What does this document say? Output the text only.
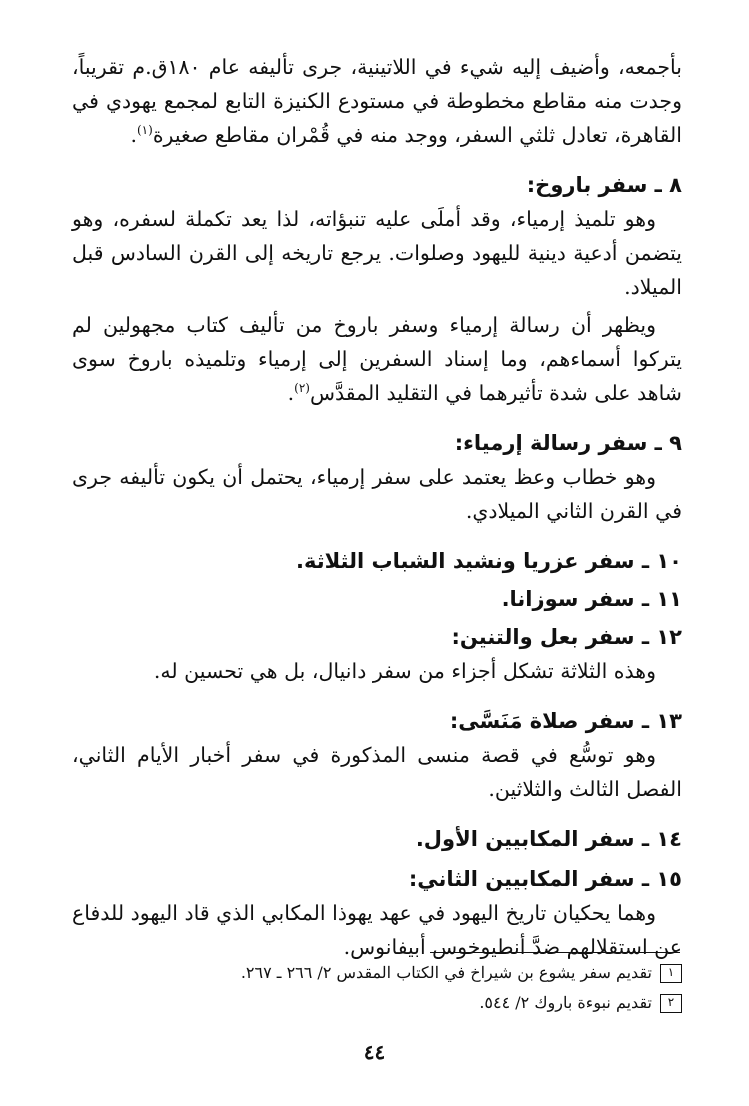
بأجمعه، وأضيف إليه شيء في اللاتينية، جرى تأليفه عام ١٨٠ق.م تقريباً، وجدت منه مقاطع مخطوطة في مستودع الكنيزة التابع لمجمع يهودي في القاهرة، تعادل ثلثي السفر، ووجد منه في قُمْران مقاطع صغيرة$^{(١)}$.

٨ ـ سفر باروخ:

وهو تلميذ إرمياء، وقد أملَى عليه تنبؤاته، لذا يعد تكملة لسفره، وهو يتضمن أدعية دينية لليهود وصلوات. يرجع تاريخه إلى القرن السادس قبل الميلاد.

ويظهر أن رسالة إرمياء وسفر باروخ من تأليف كتاب مجهولين لم يتركوا أسماءهم، وما إسناد السفرين إلى إرمياء وتلميذه باروخ سوى شاهد على شدة تأثيرهما في التقليد المقدَّس$^{(٢)}$.

٩ ـ سفر رسالة إرمياء:

وهو خطاب وعظ يعتمد على سفر إرمياء، يحتمل أن يكون تأليفه جرى في القرن الثاني الميلادي.

١٠ ـ سفر عزريا ونشيد الشباب الثلاثة.
١١ ـ سفر سوزانا.
١٢ ـ سفر بعل والتنين:

وهذه الثلاثة تشكل أجزاء من سفر دانيال، بل هي تحسين له.

١٣ ـ سفر صلاة مَنَسَّى:

وهو توسُّع في قصة منسى المذكورة في سفر أخبار الأيام الثاني، الفصل الثالث والثلاثين.

١٤ ـ سفر المكابيين الأول.
١٥ ـ سفر المكابيين الثاني:

وهما يحكيان تاريخ اليهود في عهد يهوذا المكابي الذي قاد اليهود للدفاع عن استقلالهم ضدَّ أنطيوخوس أبيفانوس.

١تقديم سفر يشوع بن شيراخ في الكتاب المقدس ٢/ ٢٦٦ ـ ٢٦٧.
٢تقديم نبوءة باروك ٢/ ٥٤٤.
٤٤
